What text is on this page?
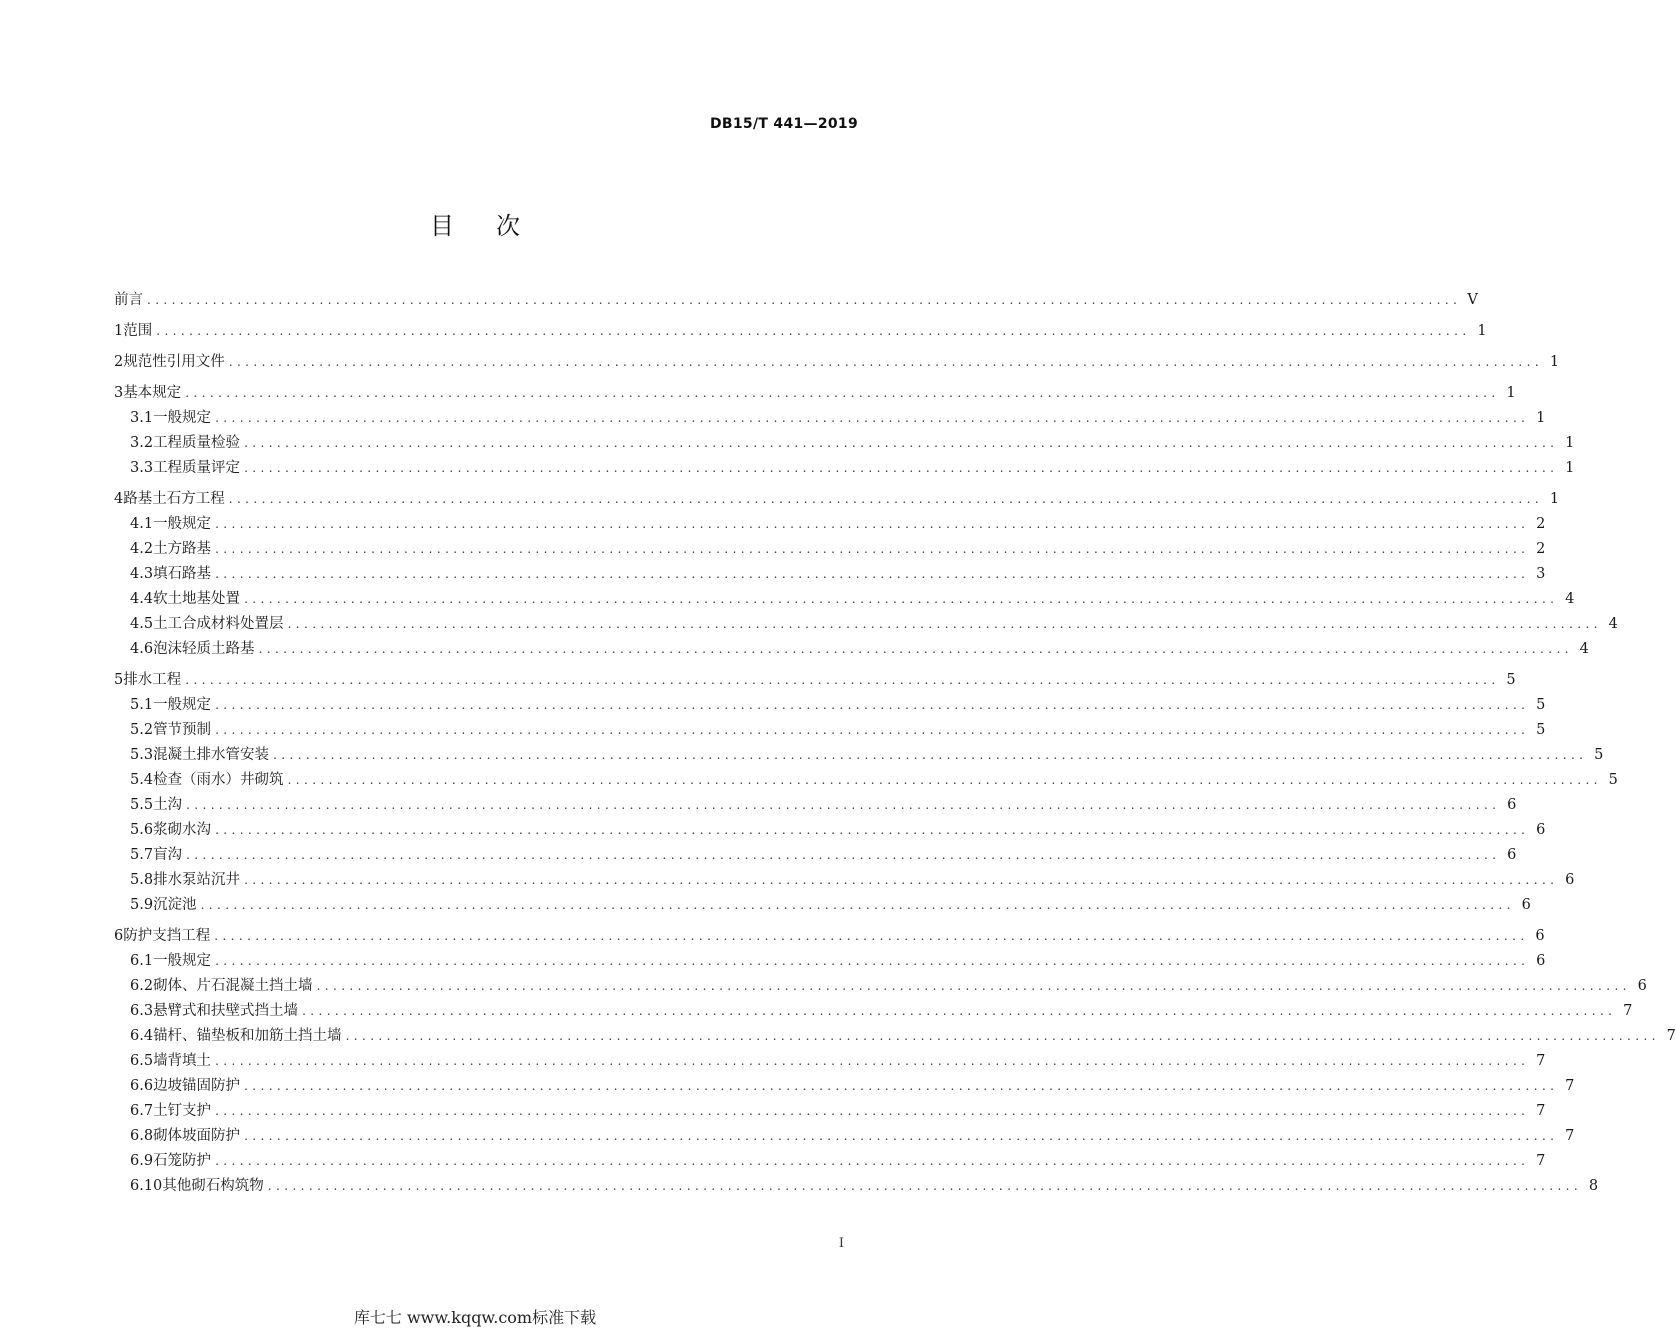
DB15/T 441—2019
目次
前言 ................................................................................................................................................................ V
1 范围 ................................................................................................................................................................ 1
2 规范性引用文件 ................................................................................................................................................................ 1
3 基本规定 ................................................................................................................................................................ 1
3.1 一般规定 ................................................................................................................................................................ 1
3.2 工程质量检验 ................................................................................................................................................................ 1
3.3 工程质量评定 ................................................................................................................................................................ 1
4 路基土石方工程 ................................................................................................................................................................ 1
4.1 一般规定 ................................................................................................................................................................ 2
4.2 土方路基 ................................................................................................................................................................ 2
4.3 填石路基 ................................................................................................................................................................ 3
4.4 软土地基处置 ................................................................................................................................................................ 4
4.5 土工合成材料处置层 ................................................................................................................................................................ 4
4.6 泡沫轻质土路基 ................................................................................................................................................................ 4
5 排水工程 ................................................................................................................................................................ 5
5.1 一般规定 ................................................................................................................................................................ 5
5.2 管节预制 ................................................................................................................................................................ 5
5.3 混凝土排水管安装 ................................................................................................................................................................ 5
5.4 检查（雨水）井砌筑 ................................................................................................................................................................ 5
5.5 土沟 ................................................................................................................................................................ 6
5.6 浆砌水沟 ................................................................................................................................................................ 6
5.7 盲沟 ................................................................................................................................................................ 6
5.8 排水泵站沉井 ................................................................................................................................................................ 6
5.9 沉淀池 ................................................................................................................................................................ 6
6 防护支挡工程 ................................................................................................................................................................ 6
6.1 一般规定 ................................................................................................................................................................ 6
6.2 砌体、片石混凝土挡土墙 ................................................................................................................................................................ 6
6.3 悬臂式和扶壁式挡土墙 ................................................................................................................................................................ 7
6.4 锚杆、锚垫板和加筋土挡土墙 ................................................................................................................................................................ 7
6.5 墙背填土 ................................................................................................................................................................ 7
6.6 边坡锚固防护 ................................................................................................................................................................ 7
6.7 土钉支护 ................................................................................................................................................................ 7
6.8 砌体坡面防护 ................................................................................................................................................................ 7
6.9 石笼防护 ................................................................................................................................................................ 7
6.10 其他砌石构筑物 ................................................................................................................................................................ 8
I
库七七 www.kqqw.com标准下载
